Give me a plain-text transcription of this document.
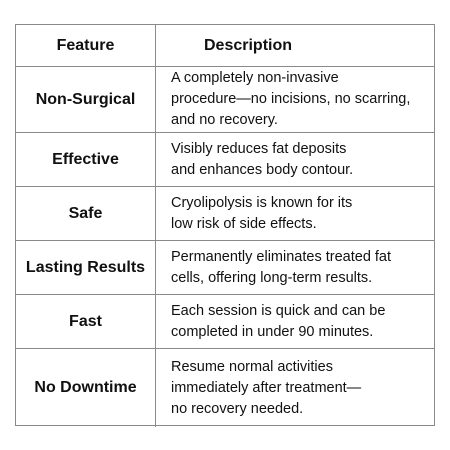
Feature	Description
Non-Surgical
A completely non-invasive
procedure—no incisions, no scarring,
and no recovery.
Effective
Visibly reduces fat deposits
and enhances body contour.
Safe
Cryolipolysis is known for its
low risk of side effects.
Lasting Results
Permanently eliminates treated fat
cells, offering long-term results.
Fast
Each session is quick and can be
completed in under 90 minutes.
No Downtime
Resume normal activities
immediately after treatment—
no recovery needed.
